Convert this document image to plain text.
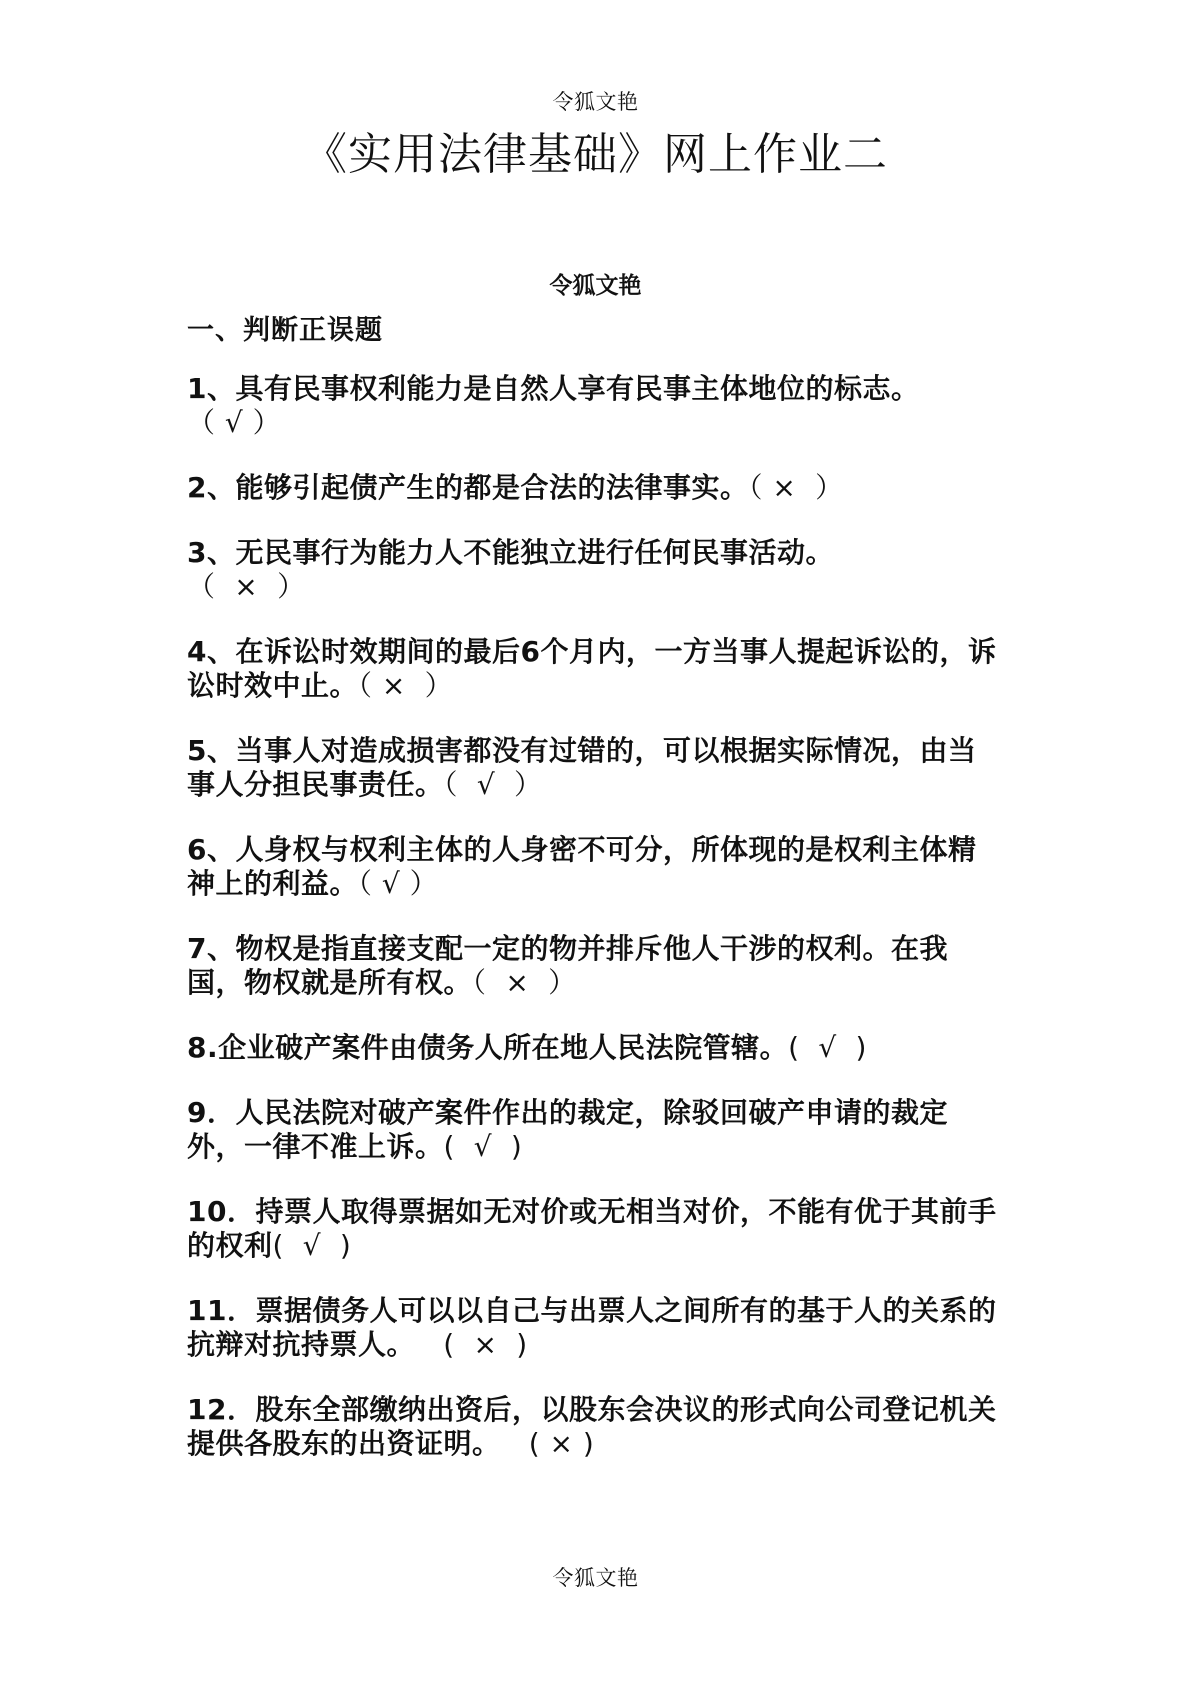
令狐文艳
《实用法律基础》网上作业二
令狐文艳
一、判断正误题
1、具有民事权利能力是自然人享有民事主体地位的标志。
（ √ ）
2、能够引起债产生的都是合法的法律事实。（ ×  ）
3、无民事行为能力人不能独立进行任何民事活动。
（  ×  ）
4、在诉讼时效期间的最后6个月内，一方当事人提起诉讼的，诉讼时效中止。（ ×  ）
5、当事人对造成损害都没有过错的，可以根据实际情况，由当事人分担民事责任。（  √  ）
6、人身权与权利主体的人身密不可分，所体现的是权利主体精神上的利益。（ √ ）
7、物权是指直接支配一定的物并排斥他人干涉的权利。在我国，物权就是所有权。（  ×  ）
8.企业破产案件由债务人所在地人民法院管辖。(  √  )
9．人民法院对破产案件作出的裁定，除驳回破产申请的裁定外，一律不准上诉。(  √  )
10．持票人取得票据如无对价或无相当对价，不能有优于其前手的权利(  √  )
11．票据债务人可以以自己与出票人之间所有的基于人的关系的抗辩对抗持票人。   (  ×  )
12．股东全部缴纳出资后，以股东会决议的形式向公司登记机关提供各股东的出资证明。   ( × )
令狐文艳
